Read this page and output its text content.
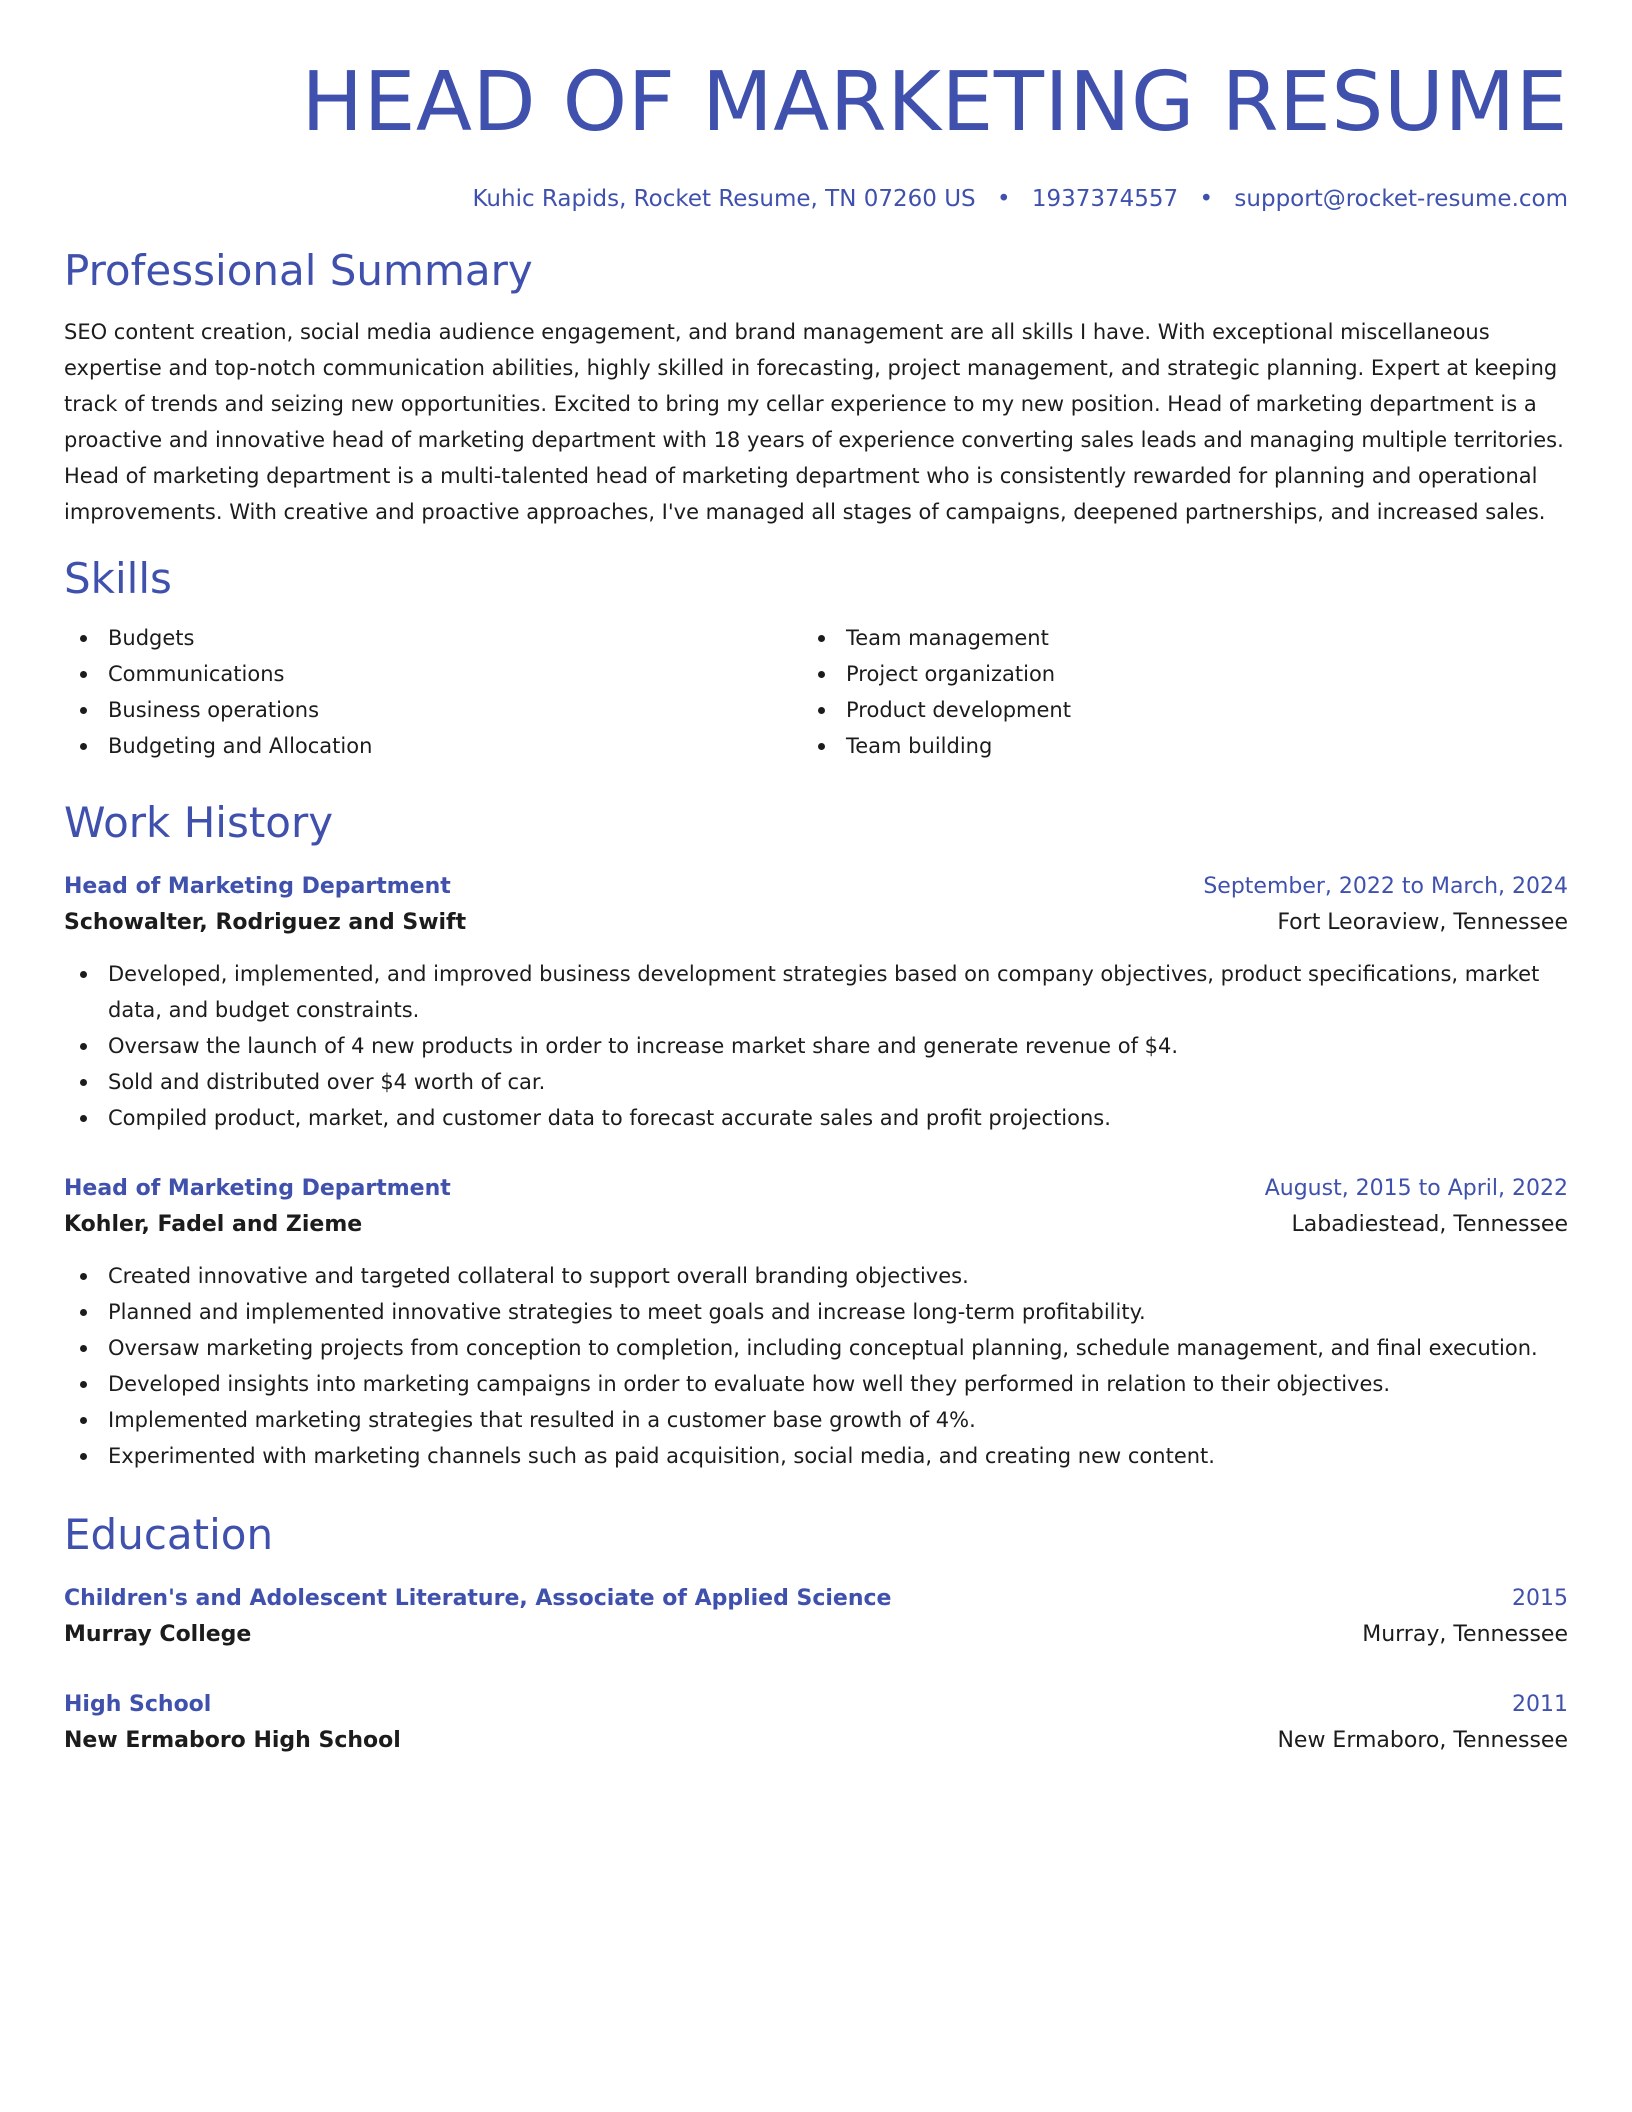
HEAD OF MARKETING RESUME
Kuhic Rapids, Rocket Resume, TN 07260 US • 1937374557 • support@rocket-resume.com
Professional Summary

SEO content creation, social media audience engagement, and brand management are all skills I have. With exceptional miscellaneous expertise and top-notch communication abilities, highly skilled in forecasting, project management, and strategic planning. Expert at keeping track of trends and seizing new opportunities. Excited to bring my cellar experience to my new position. Head of marketing department is a proactive and innovative head of marketing department with 18 years of experience converting sales leads and managing multiple territories. Head of marketing department is a multi-talented head of marketing department who is consistently rewarded for planning and operational improvements. With creative and proactive approaches, I've managed all stages of campaigns, deepened partnerships, and increased sales.

Skills
Budgets
Communications
Business operations
Budgeting and Allocation
Team management
Project organization
Product development
Team building
Work History
Head of Marketing Department	September, 2022 to March, 2024
Schowalter, Rodriguez and Swift	Fort Leoraview, Tennessee
Developed, implemented, and improved business development strategies based on company objectives, product specifications, market data, and budget constraints.
Oversaw the launch of 4 new products in order to increase market share and generate revenue of $4.
Sold and distributed over $4 worth of car.
Compiled product, market, and customer data to forecast accurate sales and profit projections.
Head of Marketing Department	August, 2015 to April, 2022
Kohler, Fadel and Zieme	Labadiestead, Tennessee
Created innovative and targeted collateral to support overall branding objectives.
Planned and implemented innovative strategies to meet goals and increase long-term profitability.
Oversaw marketing projects from conception to completion, including conceptual planning, schedule management, and final execution.
Developed insights into marketing campaigns in order to evaluate how well they performed in relation to their objectives.
Implemented marketing strategies that resulted in a customer base growth of 4%.
Experimented with marketing channels such as paid acquisition, social media, and creating new content.
Education
Children's and Adolescent Literature, Associate of Applied Science	2015
Murray College	Murray, Tennessee
High School	2011
New Ermaboro High School	New Ermaboro, Tennessee
